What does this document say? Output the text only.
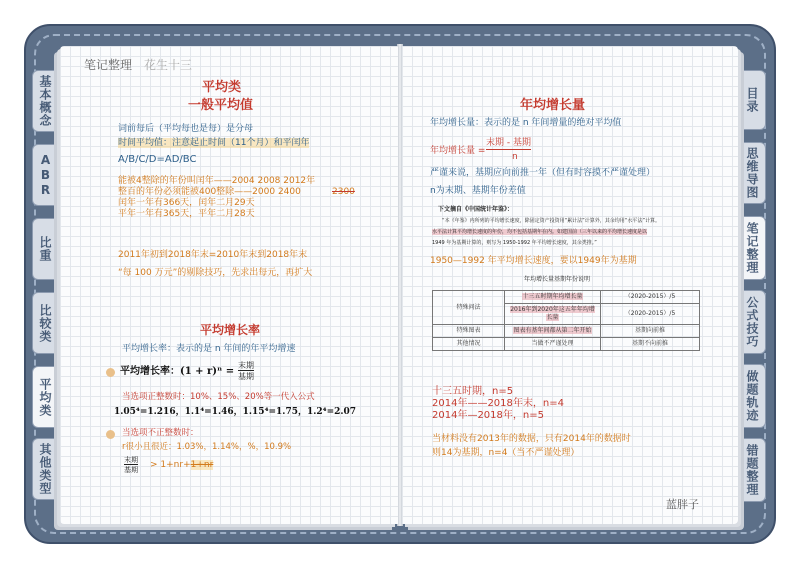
基本概念
ABR
比重
比较类
平均类
其他类型
目录
思维导图
笔记整理
公式技巧
做题轨迹
错题整理
笔记整理 花生十三
平均类
一般平均值
词前每后（平均每也是每）是分母
时间平均值：注意起止时间（11个月）和平闰年
A/B/C/D=AD/BC
能被4整除的年份叫闰年——2004 2008 2012年
整百的年份必须能被400整除——2000 2400	2300
闰年一年有366天，闰年二月29天
平年一年有365天，平年二月28天
2011年初到2018年末=2010年末到2018年末
“每 100 万元”的剔除技巧，先求出每元，再扩大
平均增长率
平均增长率：表示的是 n 年间的年平均增速
平均增长率：(1 + r)ⁿ =
末期
基期
当选项正整数时：10%、15%、20%等一代入公式
1.05⁴=1.216，1.1⁴=1.46，1.15⁴=1.75，1.2⁴=2.07
当选项不正整数时：
r很小且很近：1.03%，1.14%，%，10.9%
末期
基期 > 1+nr+1+nr
年均增长量
年均增长量：表示的是 n 年间增量的绝对平均值
年均增长量 =
末期 - 基期
n
严谨来说，基期应向前推一年（但有时容摸不严谨处理）
n为末期、基期年份差值
下文摘自《中国统计年鉴》：
“本《年鉴》内所列的平均增长速度，除固定资产投资用“累计法”计算外，其余均用“水平法”计算。
水平法计算平均增长速度的年份，均不包括基期年在内。如建国前（三年以来的平均增长速度是以
1949 年为基期计算的，则写为 1950-1992 年平均增长速度，其余类推。”
1950—1992 年平均增长速度，要以1949年为基期
年均增长量基期年份说明
特殊问法	十三五时期年均增长量	（2020-2015）/5
	2016年到2020年这五年年均增长量	（2020-2015）/5
特殊图表	图表有基年间都从第二年开始	基期向前推
其他情况	当做不严谨处理	基期不向前推
十三五时期，n=5
2014年——2018年末，n=4
2014年—2018年，n=5
当材料没有2013年的数据，只有2014年的数据时
则14为基期，n=4（当不严谨处理）
蓝胖子
